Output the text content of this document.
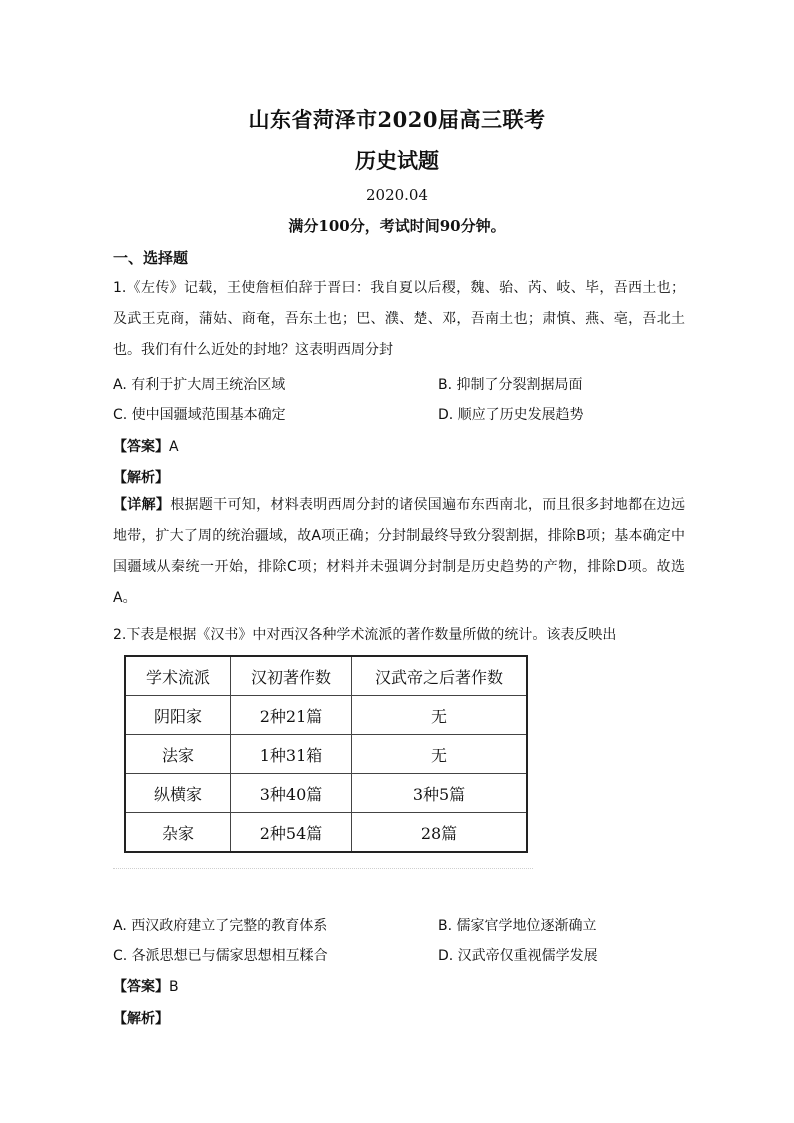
山东省菏泽市2020届高三联考
历史试题
2020.04
满分100分，考试时间90分钟。
一、选择题
1.《左传》记载，王使詹桓伯辞于晋曰：我自夏以后稷，魏、骀、芮、岐、毕，吾西土也；及武王克商，蒲姑、商奄，吾东土也；巴、濮、楚、邓，吾南土也；肃慎、燕、亳，吾北土也。我们有什么近处的封地？这表明西周分封
A. 有利于扩大周王统治区域	B. 抑制了分裂割据局面
C. 使中国疆域范围基本确定	D. 顺应了历史发展趋势
【答案】A
【解析】
【详解】根据题干可知，材料表明西周分封的诸侯国遍布东西南北，而且很多封地都在边远地带，扩大了周的统治疆域，故A项正确；分封制最终导致分裂割据，排除B项；基本确定中国疆域从秦统一开始，排除C项；材料并未强调分封制是历史趋势的产物，排除D项。故选A。
2.下表是根据《汉书》中对西汉各种学术流派的著作数量所做的统计。该表反映出
学术流派	汉初著作数	汉武帝之后著作数
阴阳家	2种21篇	无
法家	1种31箱	无
纵横家	3种40篇	3种5篇
杂家	2种54篇	28篇
A. 西汉政府建立了完整的教育体系	B. 儒家官学地位逐渐确立
C. 各派思想已与儒家思想相互糅合	D. 汉武帝仅重视儒学发展
【答案】B
【解析】
